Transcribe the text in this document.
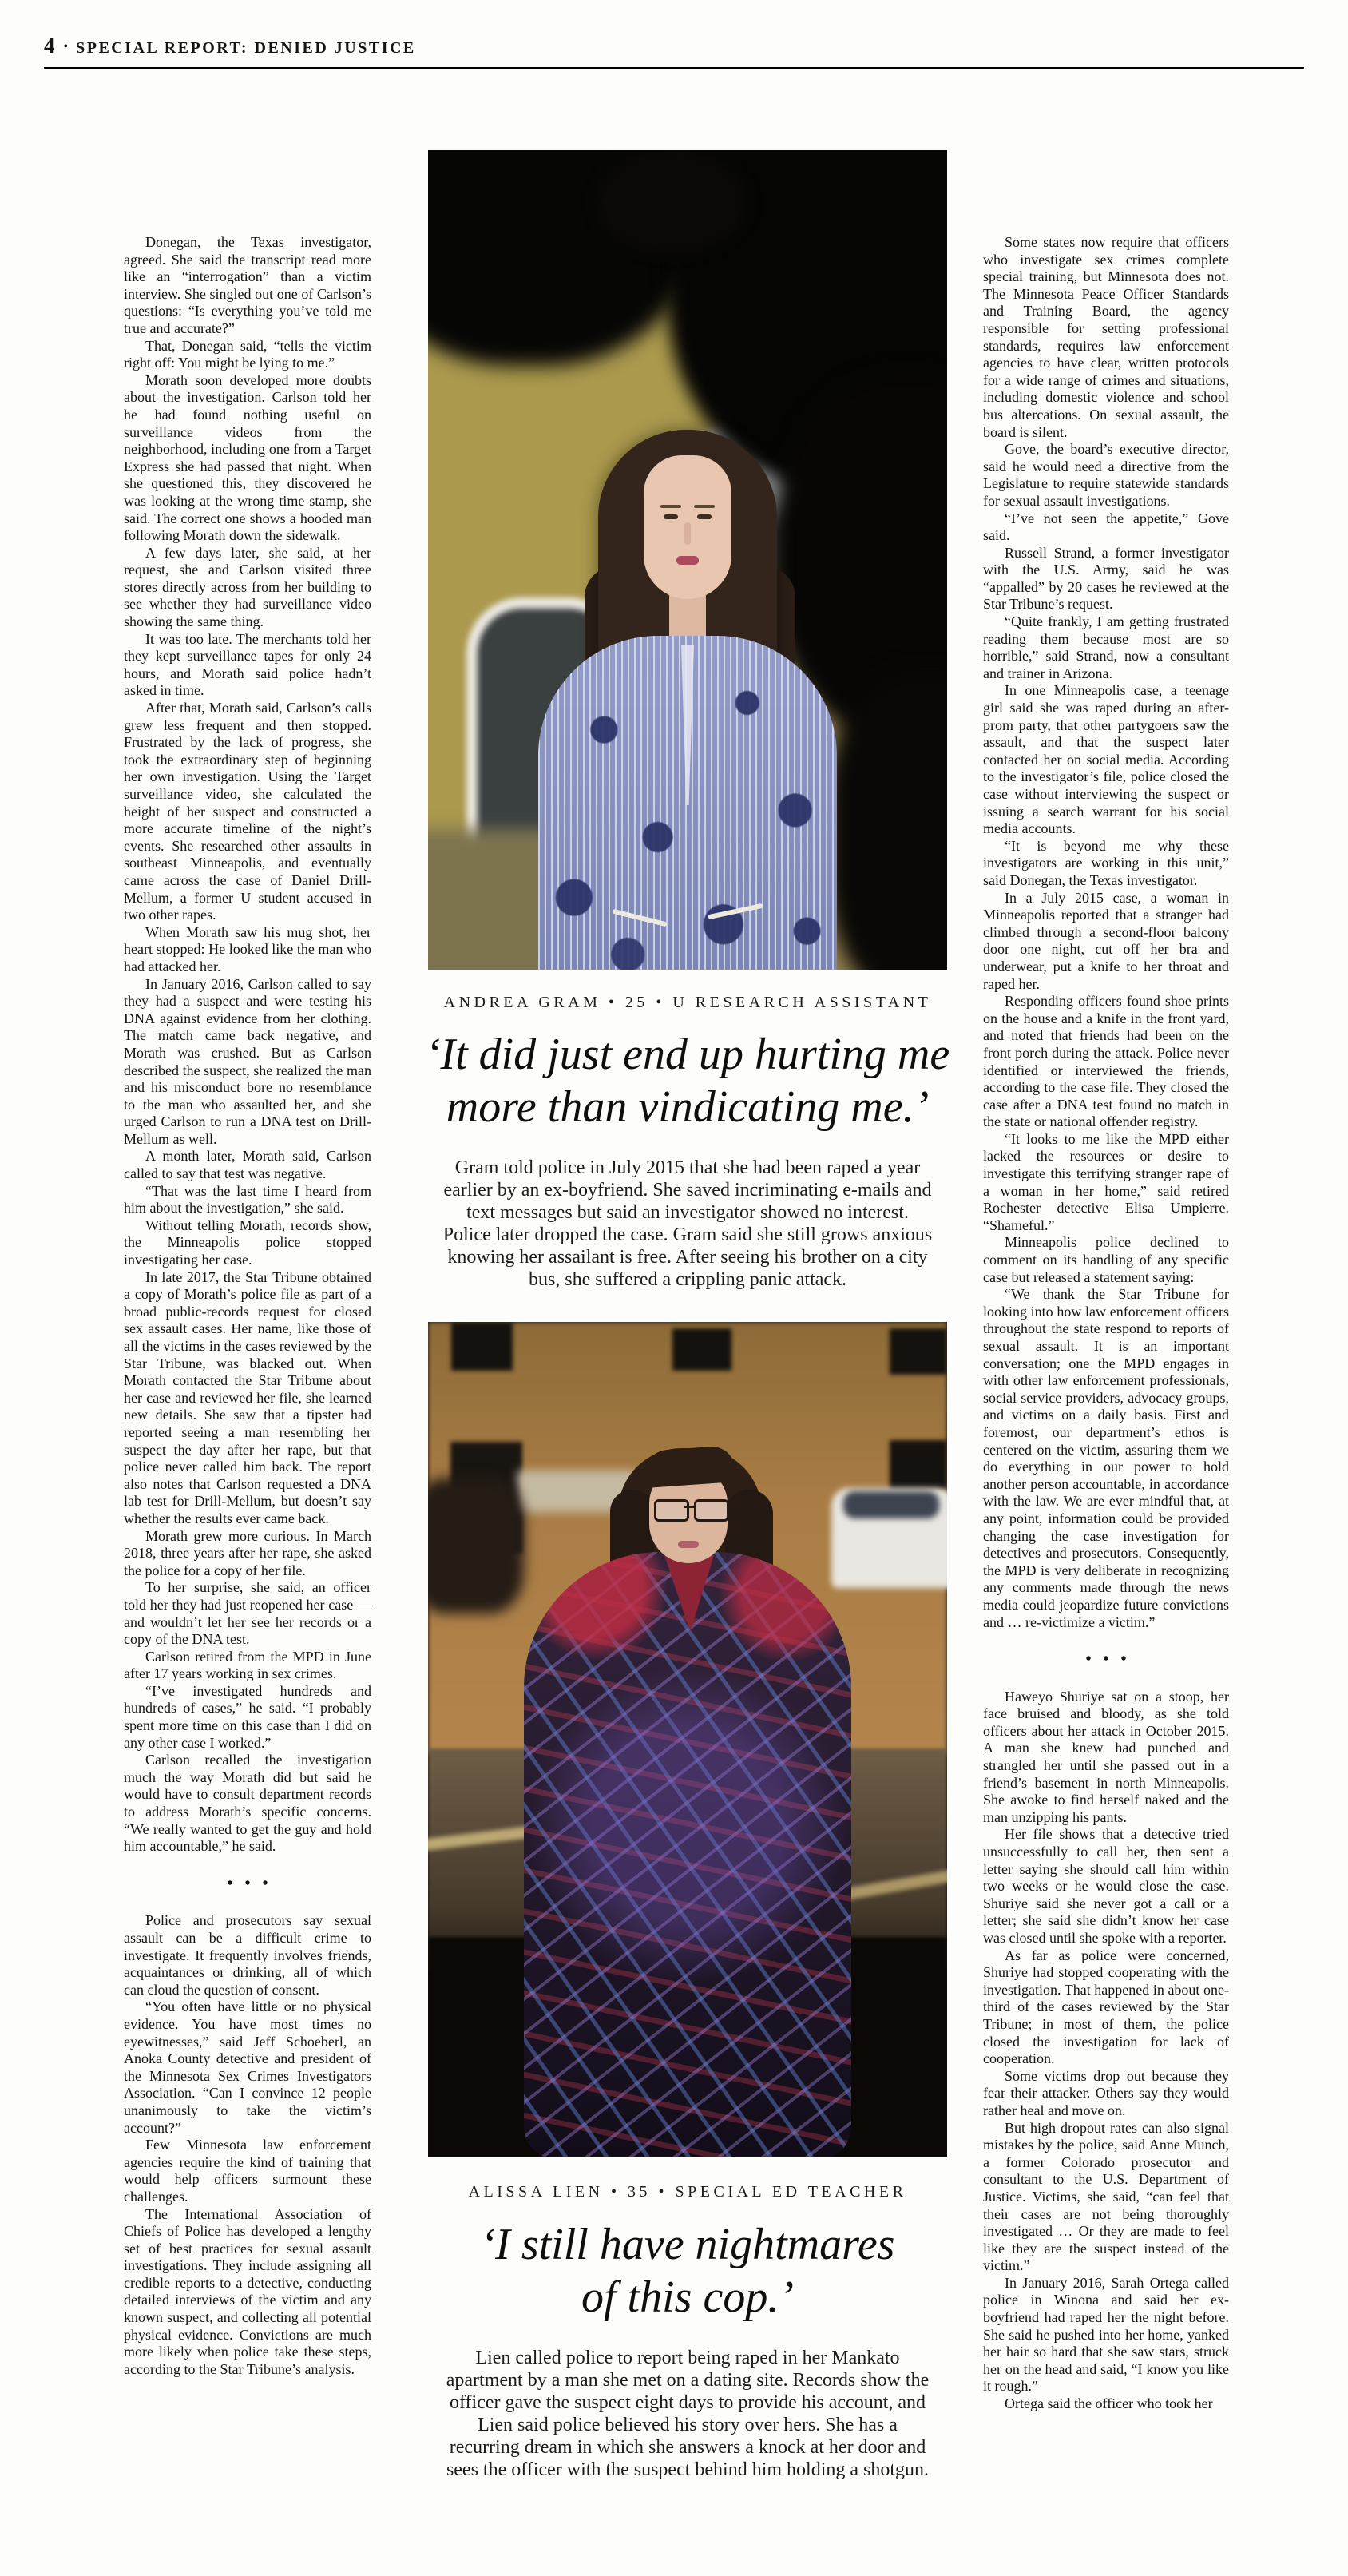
4 • SPECIAL REPORT: DENIED JUSTICE

Donegan, the Texas investigator, agreed. She said the transcript read more like an “interrogation” than a victim interview. She singled out one of Carlson’s questions: “Is everything you’ve told me true and accurate?”

That, Donegan said, “tells the victim right off: You might be lying to me.”

Morath soon developed more doubts about the investigation. Carlson told her he had found nothing useful on surveillance videos from the neighborhood, including one from a Target Express she had passed that night. When she questioned this, they discovered he was looking at the wrong time stamp, she said. The correct one shows a hooded man following Morath down the sidewalk.

A few days later, she said, at her request, she and Carlson visited three stores directly across from her building to see whether they had surveillance video showing the same thing.

It was too late. The merchants told her they kept surveillance tapes for only 24 hours, and Morath said police hadn’t asked in time.

After that, Morath said, Carlson’s calls grew less frequent and then stopped. Frustrated by the lack of progress, she took the extraordinary step of beginning her own investigation. Using the Target surveillance video, she calculated the height of her suspect and constructed a more accurate timeline of the night’s events. She researched other assaults in southeast Minneapolis, and eventually came across the case of Daniel Drill-Mellum, a former U student accused in two other rapes.

When Morath saw his mug shot, her heart stopped: He looked like the man who had attacked her.

In January 2016, Carlson called to say they had a suspect and were testing his DNA against evidence from her clothing. The match came back negative, and Morath was crushed. But as Carlson described the suspect, she realized the man and his misconduct bore no resemblance to the man who assaulted her, and she urged Carlson to run a DNA test on Drill-Mellum as well.

A month later, Morath said, Carlson called to say that test was negative.

“That was the last time I heard from him about the investigation,” she said.

Without telling Morath, records show, the Minneapolis police stopped investigating her case.

In late 2017, the Star Tribune obtained a copy of Morath’s police file as part of a broad public-records request for closed sex assault cases. Her name, like those of all the victims in the cases reviewed by the Star Tribune, was blacked out. When Morath contacted the Star Tribune about her case and reviewed her file, she learned new details. She saw that a tipster had reported seeing a man resembling her suspect the day after her rape, but that police never called him back. The report also notes that Carlson requested a DNA lab test for Drill-Mellum, but doesn’t say whether the results ever came back.

Morath grew more curious. In March 2018, three years after her rape, she asked the police for a copy of her file.

To her surprise, she said, an officer told her they had just reopened her case — and wouldn’t let her see her records or a copy of the DNA test.

Carlson retired from the MPD in June after 17 years working in sex crimes.

“I’ve investigated hundreds and hundreds of cases,” he said. “I probably spent more time on this case than I did on any other case I worked.”

Carlson recalled the investigation much the way Morath did but said he would have to consult department records to address Morath’s specific concerns. “We really wanted to get the guy and hold him accountable,” he said.

•••

Police and prosecutors say sexual assault can be a difficult crime to investigate. It frequently involves friends, acquaintances or drinking, all of which can cloud the question of consent.

“You often have little or no physical evidence. You have most times no eyewitnesses,” said Jeff Schoeberl, an Anoka County detective and president of the Minnesota Sex Crimes Investigators Association. “Can I convince 12 people unanimously to take the victim’s account?”

Few Minnesota law enforcement agencies require the kind of training that would help officers surmount these challenges.

The International Association of Chiefs of Police has developed a lengthy set of best practices for sexual assault investigations. They include assigning all credible reports to a detective, conducting detailed interviews of the victim and any known suspect, and collecting all potential physical evidence. Convictions are much more likely when police take these steps, according to the Star Tribune’s analysis.

Some states now require that officers who investigate sex crimes complete special training, but Minnesota does not. The Minnesota Peace Officer Standards and Training Board, the agency responsible for setting professional standards, requires law enforcement agencies to have clear, written protocols for a wide range of crimes and situations, including domestic violence and school bus altercations. On sexual assault, the board is silent.

Gove, the board’s executive director, said he would need a directive from the Legislature to require statewide standards for sexual assault investigations.

“I’ve not seen the appetite,” Gove said.

Russell Strand, a former investigator with the U.S. Army, said he was “appalled” by 20 cases he reviewed at the Star Tribune’s request.

“Quite frankly, I am getting frustrated reading them because most are so horrible,” said Strand, now a consultant and trainer in Arizona.

In one Minneapolis case, a teenage girl said she was raped during an after-prom party, that other partygoers saw the assault, and that the suspect later contacted her on social media. According to the investigator’s file, police closed the case without interviewing the suspect or issuing a search warrant for his social media accounts.

“It is beyond me why these investigators are working in this unit,” said Donegan, the Texas investigator.

In a July 2015 case, a woman in Minneapolis reported that a stranger had climbed through a second-floor balcony door one night, cut off her bra and underwear, put a knife to her throat and raped her.

Responding officers found shoe prints on the house and a knife in the front yard, and noted that friends had been on the front porch during the attack. Police never identified or interviewed the friends, according to the case file. They closed the case after a DNA test found no match in the state or national offender registry.

“It looks to me like the MPD either lacked the resources or desire to investigate this terrifying stranger rape of a woman in her home,” said retired Rochester detective Elisa Umpierre. “Shameful.”

Minneapolis police declined to comment on its handling of any specific case but released a statement saying:

“We thank the Star Tribune for looking into how law enforcement officers throughout the state respond to reports of sexual assault. It is an important conversation; one the MPD engages in with other law enforcement professionals, social service providers, advocacy groups, and victims on a daily basis. First and foremost, our department’s ethos is centered on the victim, assuring them we do everything in our power to hold another person accountable, in accordance with the law. We are ever mindful that, at any point, information could be provided changing the case investigation for detectives and prosecutors. Consequently, the MPD is very deliberate in recognizing any comments made through the news media could jeopardize future convictions and … re-victimize a victim.”

•••

Haweyo Shuriye sat on a stoop, her face bruised and bloody, as she told officers about her attack in October 2015. A man she knew had punched and strangled her until she passed out in a friend’s basement in north Minneapolis. She awoke to find herself naked and the man unzipping his pants.

Her file shows that a detective tried unsuccessfully to call her, then sent a letter saying she should call him within two weeks or he would close the case. Shuriye said she never got a call or a letter; she said she didn’t know her case was closed until she spoke with a reporter.

As far as police were concerned, Shuriye had stopped cooperating with the investigation. That happened in about one-third of the cases reviewed by the Star Tribune; in most of them, the police closed the investigation for lack of cooperation.

Some victims drop out because they fear their attacker. Others say they would rather heal and move on.

But high dropout rates can also signal mistakes by the police, said Anne Munch, a former Colorado prosecutor and consultant to the U.S. Department of Justice. Victims, she said, “can feel that their cases are not being thoroughly investigated … Or they are made to feel like they are the suspect instead of the victim.”

In January 2016, Sarah Ortega called police in Winona and said her ex-boyfriend had raped her the night before. She said he pushed into her home, yanked her hair so hard that she saw stars, struck her on the head and said, “I know you like it rough.”

Ortega said the officer who took her

ANDREA GRAM • 25 • U RESEARCH ASSISTANT
‘It did just end up hurting me
more than vindicating me.’
Gram told police in July 2015 that she had been raped a year earlier by an ex-boyfriend. She saved incriminating e-mails and text messages but said an investigator showed no interest. Police later dropped the case. Gram said she still grows anxious knowing her assailant is free. After seeing his brother on a city bus, she suffered a crippling panic attack.
ALISSA LIEN • 35 • SPECIAL ED TEACHER
‘I still have nightmares
of this cop.’
Lien called police to report being raped in her Mankato apartment by a man she met on a dating site. Records show the officer gave the suspect eight days to provide his account, and Lien said police believed his story over hers. She has a recurring dream in which she answers a knock at her door and sees the officer with the suspect behind him holding a shotgun.
